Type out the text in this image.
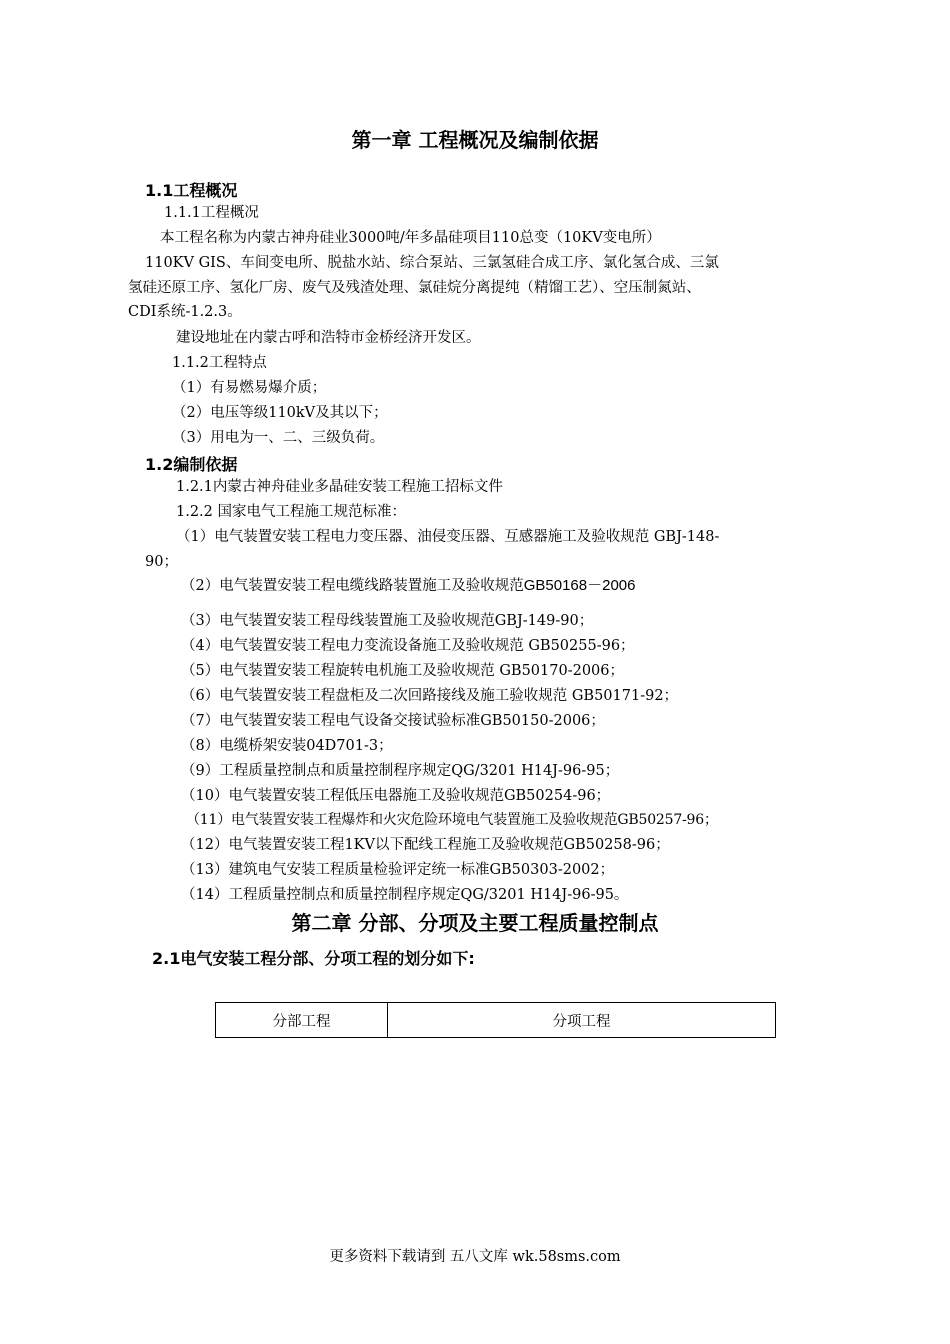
第一章 工程概况及编制依据
1.1工程概况
1.1.1工程概况
本工程名称为内蒙古神舟硅业3000吨/年多晶硅项目110总变（10KV变电所）
110KV GIS、车间变电所、脱盐水站、综合泵站、三氯氢硅合成工序、氯化氢合成、三氯
氢硅还原工序、氢化厂房、废气及残渣处理、氯硅烷分离提纯（精馏工艺）、空压制氮站、
CDI系统-1.2.3。
建设地址在内蒙古呼和浩特市金桥经济开发区。
1.1.2工程特点
（1）有易燃易爆介质；
（2）电压等级110kV及其以下；
（3）用电为一、二、三级负荷。
1.2编制依据
1.2.1内蒙古神舟硅业多晶硅安装工程施工招标文件
1.2.2 国家电气工程施工规范标准：
（1）电气装置安装工程电力变压器、油侵变压器、互感器施工及验收规范 GBJ-148-
90；
（2）电气装置安装工程电缆线路装置施工及验收规范GB50168－2006
（3）电气装置安装工程母线装置施工及验收规范GBJ-149-90；
（4）电气装置安装工程电力变流设备施工及验收规范 GB50255-96；
（5）电气装置安装工程旋转电机施工及验收规范 GB50170-2006；
（6）电气装置安装工程盘柜及二次回路接线及施工验收规范 GB50171-92；
（7）电气装置安装工程电气设备交接试验标准GB50150-2006；
（8）电缆桥架安装04D701-3；
（9）工程质量控制点和质量控制程序规定QG/3201 H14J-96-95；
（10）电气装置安装工程低压电器施工及验收规范GB50254-96；
（11）电气装置安装工程爆炸和火灾危险环境电气装置施工及验收规范GB50257-96；
（12）电气装置安装工程1KV以下配线工程施工及验收规范GB50258-96；
（13）建筑电气安装工程质量检验评定统一标准GB50303-2002；
（14）工程质量控制点和质量控制程序规定QG/3201 H14J-96-95。
第二章 分部、分项及主要工程质量控制点
2.1电气安装工程分部、分项工程的划分如下:
分部工程	分项工程
更多资料下载请到 五八文库 wk.58sms.com
